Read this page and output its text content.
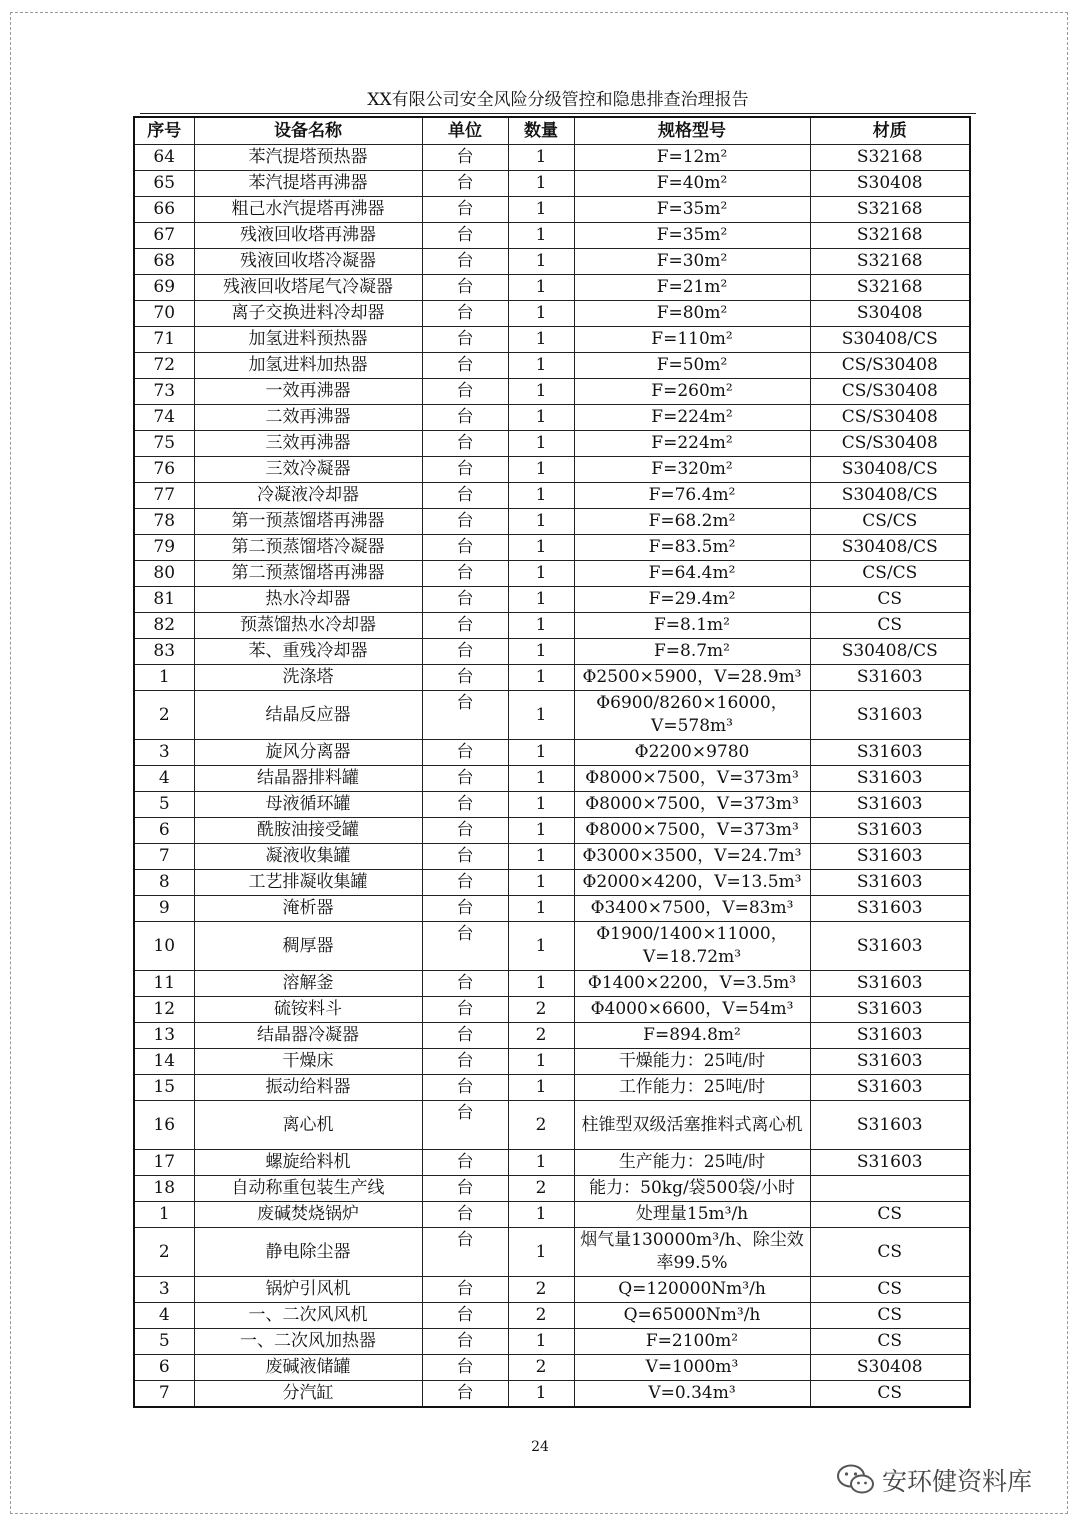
XX有限公司安全风险分级管控和隐患排查治理报告
序号	设备名称	单位	数量	规格型号	材质
64	苯汽提塔预热器	台	1	F=12m²	S32168
65	苯汽提塔再沸器	台	1	F=40m²	S30408
66	粗己水汽提塔再沸器	台	1	F=35m²	S32168
67	残液回收塔再沸器	台	1	F=35m²	S32168
68	残液回收塔冷凝器	台	1	F=30m²	S32168
69	残液回收塔尾气冷凝器	台	1	F=21m²	S32168
70	离子交换进料冷却器	台	1	F=80m²	S30408
71	加氢进料预热器	台	1	F=110m²	S30408/CS
72	加氢进料加热器	台	1	F=50m²	CS/S30408
73	一效再沸器	台	1	F=260m²	CS/S30408
74	二效再沸器	台	1	F=224m²	CS/S30408
75	三效再沸器	台	1	F=224m²	CS/S30408
76	三效冷凝器	台	1	F=320m²	S30408/CS
77	冷凝液冷却器	台	1	F=76.4m²	S30408/CS
78	第一预蒸馏塔再沸器	台	1	F=68.2m²	CS/CS
79	第二预蒸馏塔冷凝器	台	1	F=83.5m²	S30408/CS
80	第二预蒸馏塔再沸器	台	1	F=64.4m²	CS/CS
81	热水冷却器	台	1	F=29.4m²	CS
82	预蒸馏热水冷却器	台	1	F=8.1m²	CS
83	苯、重残冷却器	台	1	F=8.7m²	S30408/CS
1	洗涤塔	台	1	Φ2500×5900，V=28.9m³	S31603
2	结晶反应器	台	1	Φ6900/8260×16000，V=578m³	S31603
3	旋风分离器	台	1	Φ2200×9780	S31603
4	结晶器排料罐	台	1	Φ8000×7500，V=373m³	S31603
5	母液循环罐	台	1	Φ8000×7500，V=373m³	S31603
6	酰胺油接受罐	台	1	Φ8000×7500，V=373m³	S31603
7	凝液收集罐	台	1	Φ3000×3500，V=24.7m³	S31603
8	工艺排凝收集罐	台	1	Φ2000×4200，V=13.5m³	S31603
9	淹析器	台	1	Φ3400×7500，V=83m³	S31603
10	稠厚器	台	1	Φ1900/1400×11000，V=18.72m³	S31603
11	溶解釜	台	1	Φ1400×2200，V=3.5m³	S31603
12	硫铵料斗	台	2	Φ4000×6600，V=54m³	S31603
13	结晶器冷凝器	台	2	F=894.8m²	S31603
14	干燥床	台	1	干燥能力：25吨/时	S31603
15	振动给料器	台	1	工作能力：25吨/时	S31603
16	离心机	台	2	柱锥型双级活塞推料式离心机	S31603
17	螺旋给料机	台	1	生产能力：25吨/时	S31603
18	自动称重包装生产线	台	2	能力：50kg/袋500袋/小时	
1	废碱焚烧锅炉	台	1	处理量15m³/h	CS
2	静电除尘器	台	1	烟气量130000m³/h、除尘效率99.5%	CS
3	锅炉引风机	台	2	Q=120000Nm³/h	CS
4	一、二次风风机	台	2	Q=65000Nm³/h	CS
5	一、二次风加热器	台	1	F=2100m²	CS
6	废碱液储罐	台	2	V=1000m³	S30408
7	分汽缸	台	1	V=0.34m³	CS
24
安环健资料库
